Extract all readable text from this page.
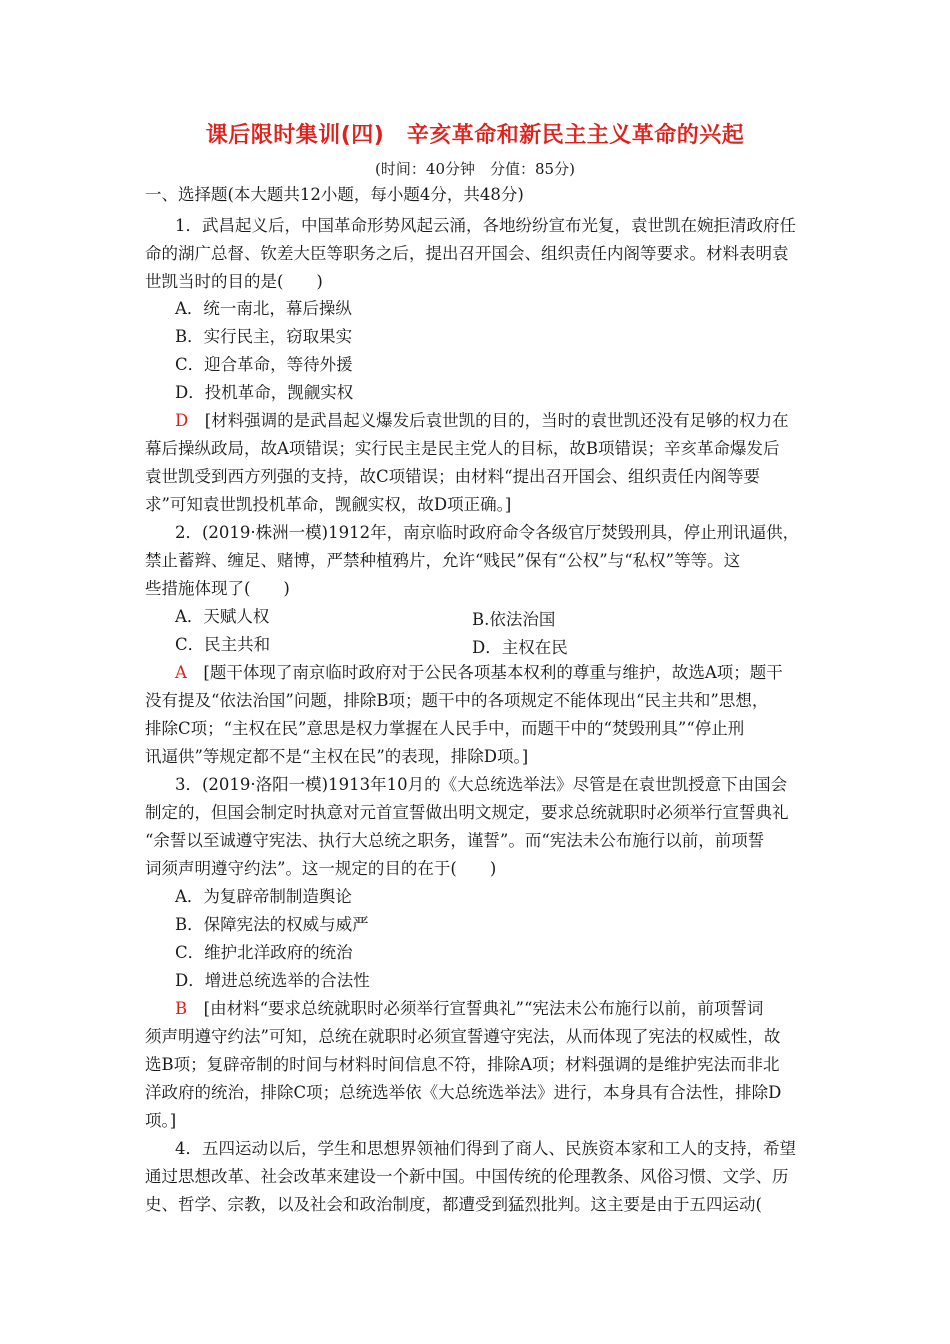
课后限时集训(四)　辛亥革命和新民主主义革命的兴起
(时间：40分钟　分值：85分)
一、选择题(本大题共12小题，每小题4分，共48分)
1．武昌起义后，中国革命形势风起云涌，各地纷纷宣布光复，袁世凯在婉拒清政府任
命的湖广总督、钦差大臣等职务之后，提出召开国会、组织责任内阁等要求。材料表明袁
世凯当时的目的是(　　)
A．统一南北，幕后操纵
B．实行民主，窃取果实
C．迎合革命，等待外援
D．投机革命，觊觎实权
D　 [材料强调的是武昌起义爆发后袁世凯的目的，当时的袁世凯还没有足够的权力在
幕后操纵政局，故A项错误；实行民主是民主党人的目标，故B项错误；辛亥革命爆发后
袁世凯受到西方列强的支持，故C项错误；由材料“提出召开国会、组织责任内阁等要
求”可知袁世凯投机革命，觊觎实权，故D项正确。]
2．(2019·株洲一模)1912年，南京临时政府命令各级官厅焚毁刑具，停止刑讯逼供，
禁止蓄辫、缠足、赌博，严禁种植鸦片，允许“贱民”保有“公权”与“私权”等等。这
些措施体现了(　　)
A．天赋人权	B.依法治国
C．民主共和	D．主权在民
A　 [题干体现了南京临时政府对于公民各项基本权利的尊重与维护，故选A项；题干
没有提及“依法治国”问题，排除B项；题干中的各项规定不能体现出“民主共和”思想，
排除C项；“主权在民”意思是权力掌握在人民手中，而题干中的“焚毁刑具”“停止刑
讯逼供”等规定都不是“主权在民”的表现，排除D项。]
3．(2019·洛阳一模)1913年10月的《大总统选举法》尽管是在袁世凯授意下由国会
制定的，但国会制定时执意对元首宣誓做出明文规定，要求总统就职时必须举行宣誓典礼
“余誓以至诚遵守宪法、执行大总统之职务，谨誓”。而“宪法未公布施行以前，前项誓
词须声明遵守约法”。这一规定的目的在于(　　)
A．为复辟帝制制造舆论
B．保障宪法的权威与威严
C．维护北洋政府的统治
D．增进总统选举的合法性
B　 [由材料“要求总统就职时必须举行宣誓典礼”“宪法未公布施行以前，前项誓词
须声明遵守约法”可知，总统在就职时必须宣誓遵守宪法，从而体现了宪法的权威性，故
选B项；复辟帝制的时间与材料时间信息不符，排除A项；材料强调的是维护宪法而非北
洋政府的统治，排除C项；总统选举依《大总统选举法》进行，本身具有合法性，排除D
项。]
4．五四运动以后，学生和思想界领袖们得到了商人、民族资本家和工人的支持，希望
通过思想改革、社会改革来建设一个新中国。中国传统的伦理教条、风俗习惯、文学、历
史、哲学、宗教，以及社会和政治制度，都遭受到猛烈批判。这主要是由于五四运动(
